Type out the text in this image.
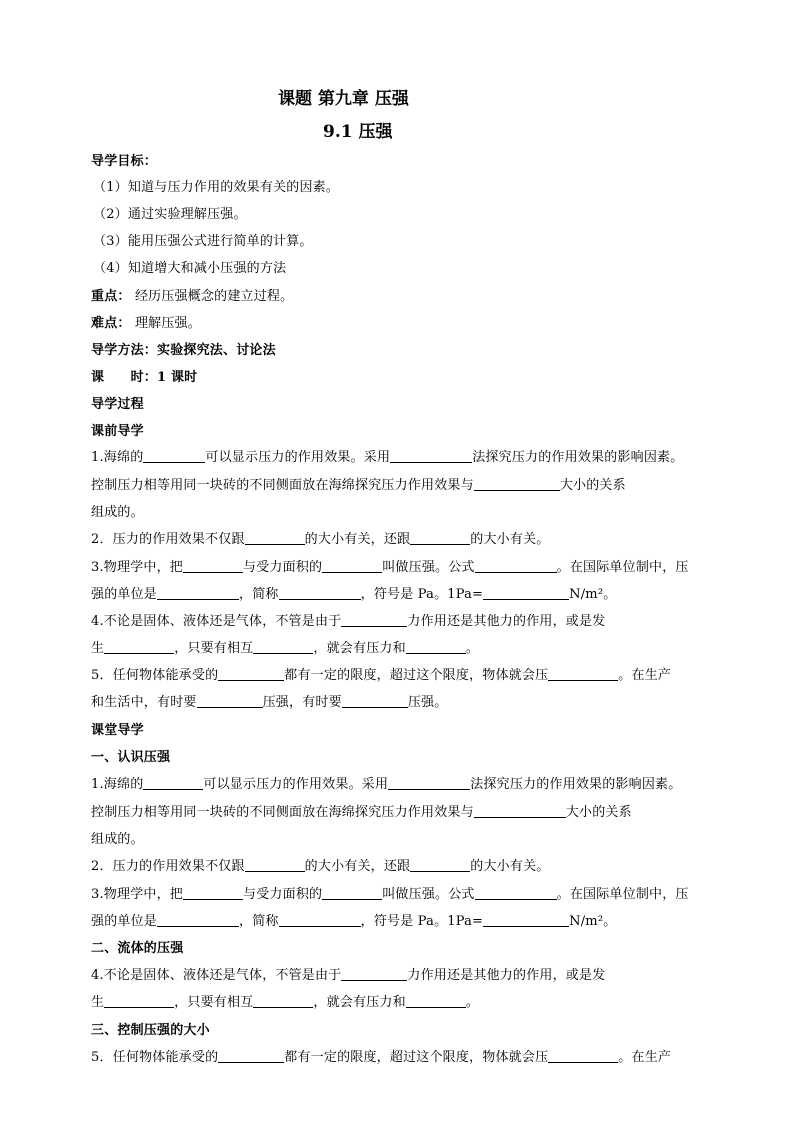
课题 第九章 压强
9.1 压强
导学目标：
（1）知道与压力作用的效果有关的因素。
（2）通过实验理解压强。
（3）能用压强公式进行简单的计算。
（4）知道增大和减小压强的方法
重点： 经历压强概念的建立过程。
难点： 理解压强。
导学方法：实验探究法、讨论法
课　　时：1 课时
导学过程
课前导学
1.海绵的	可以显示压力的作用效果。采用	法探究压力的作用效果的影响因素。
控制压力相等用同一块砖的不同侧面放在海绵探究压力作用效果与	大小的关系
组成的。
2．压力的作用效果不仅跟	的大小有关，还跟	的大小有关。
3.物理学中，把	与受力面积的	叫做压强。公式	。在国际单位制中，压
强的单位是	，简称	，符号是 Pa。1Pa=	N/m²。
4.不论是固体、液体还是气体，不管是由于	力作用还是其他力的作用，或是发
生	，只要有相互	，就会有压力和	。
5．任何物体能承受的	都有一定的限度，超过这个限度，物体就会压	。在生产
和生活中，有时要	压强，有时要	压强。
课堂导学
一、认识压强
1.海绵的	可以显示压力的作用效果。采用	法探究压力的作用效果的影响因素。
控制压力相等用同一块砖的不同侧面放在海绵探究压力作用效果与	大小的关系
组成的。
2．压力的作用效果不仅跟	的大小有关，还跟	的大小有关。
3.物理学中，把	与受力面积的	叫做压强。公式	。在国际单位制中，压
强的单位是	，简称	，符号是 Pa。1Pa=	N/m²。
二、流体的压强
4.不论是固体、液体还是气体，不管是由于	力作用还是其他力的作用，或是发
生	，只要有相互	，就会有压力和	。
三、控制压强的大小
5．任何物体能承受的	都有一定的限度，超过这个限度，物体就会压	。在生产
